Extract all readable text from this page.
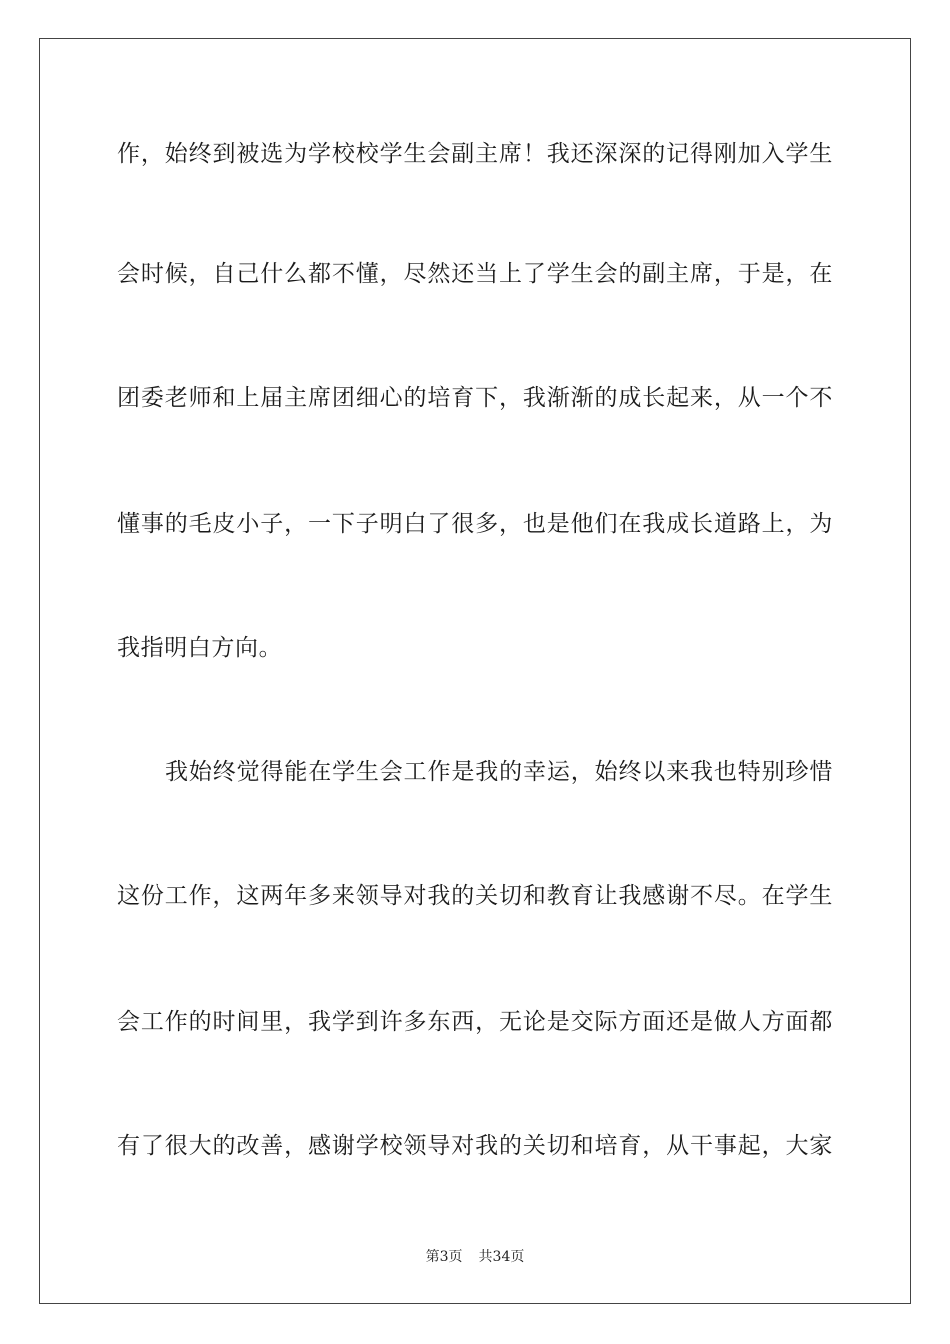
作，始终到被选为学校校学生会副主席！我还深深的记得刚加入学生
会时候，自己什么都不懂，尽然还当上了学生会的副主席，于是，在
团委老师和上届主席团细心的培育下，我渐渐的成长起来，从一个不
懂事的毛皮小子，一下子明白了很多，也是他们在我成长道路上，为
我指明白方向。
我始终觉得能在学生会工作是我的幸运，始终以来我也特别珍惜
这份工作，这两年多来领导对我的关切和教育让我感谢不尽。在学生
会工作的时间里，我学到许多东西，无论是交际方面还是做人方面都
有了很大的改善，感谢学校领导对我的关切和培育，从干事起，大家
第3页 共34页
